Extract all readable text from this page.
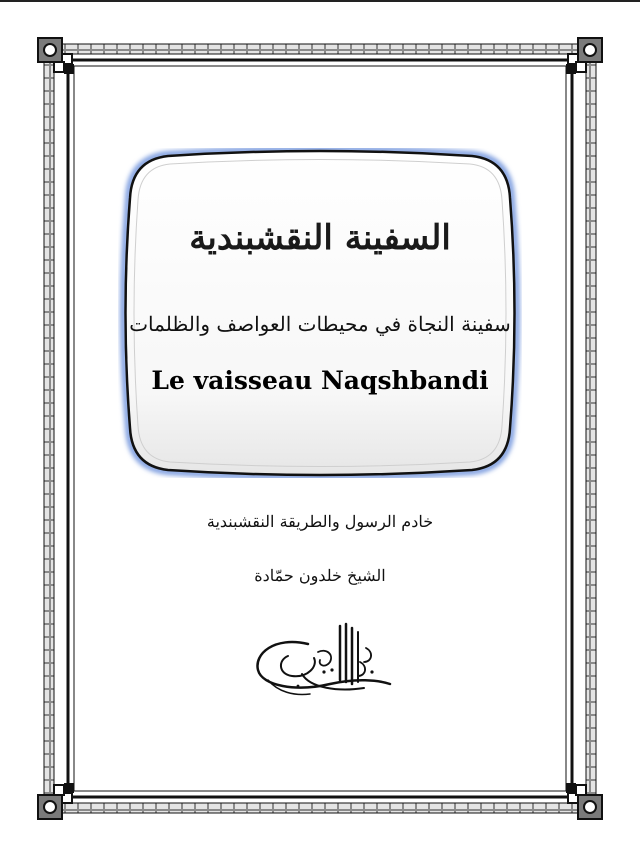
السفينة النقشبندية
سفينة النجاة في محيطات العواصف والظلمات
Le vaisseau Naqshbandi
خادم الرسول والطريقة النقشبندية
الشيخ خلدون حمّادة
